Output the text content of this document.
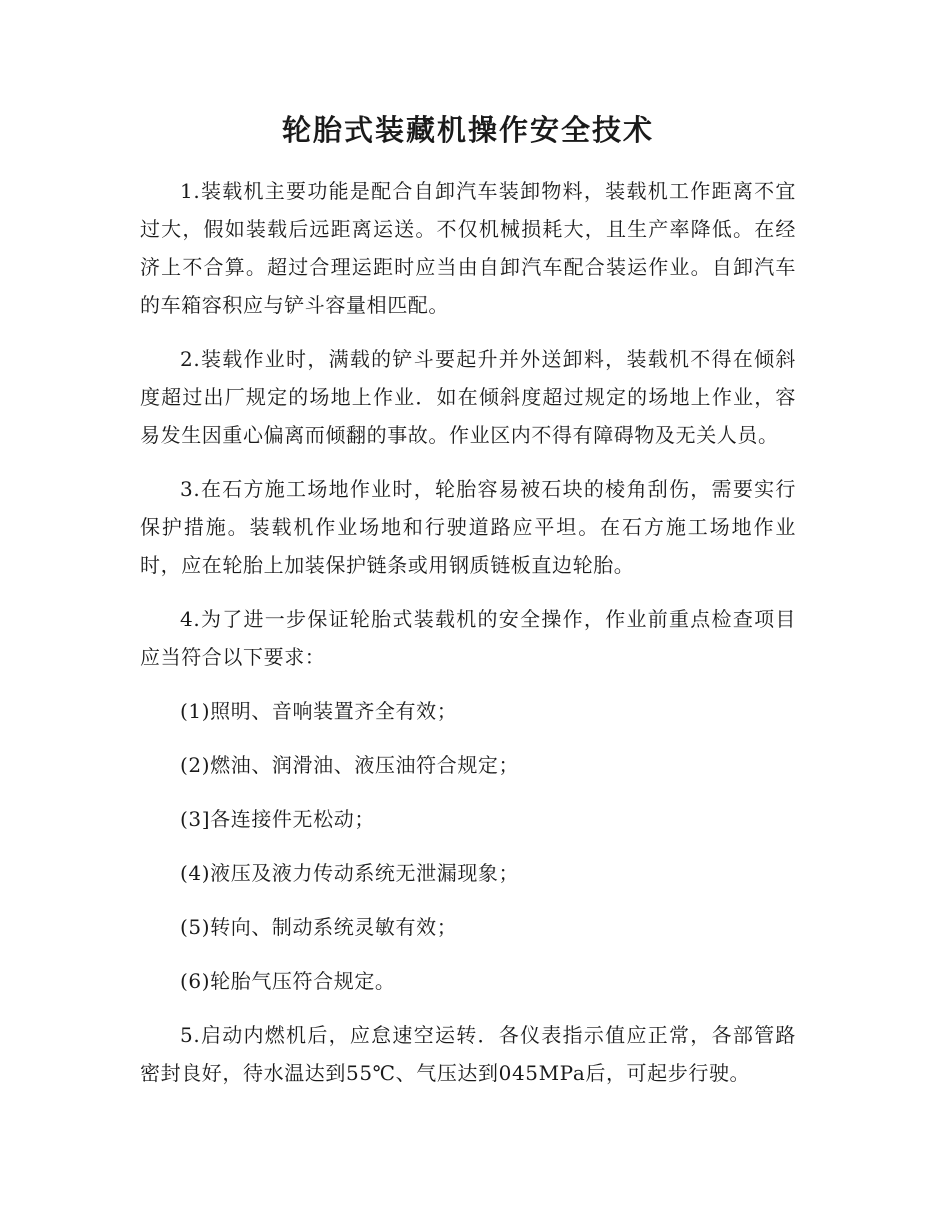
轮胎式装藏机操作安全技术

1.装载机主要功能是配合自卸汽车装卸物料，装载机工作距离不宜过大，假如装载后远距离运送。不仅机械损耗大，且生产率降低。在经济上不合算。超过合理运距时应当由自卸汽车配合装运作业。自卸汽车的车箱容积应与铲斗容量相匹配。

2.装载作业时，满载的铲斗要起升并外送卸料，装载机不得在倾斜度超过出厂规定的场地上作业．如在倾斜度超过规定的场地上作业，容易发生因重心偏离而倾翻的事故。作业区内不得有障碍物及无关人员。

3.在石方施工场地作业时，轮胎容易被石块的棱角刮伤，需要实行保护措施。装载机作业场地和行驶道路应平坦。在石方施工场地作业时，应在轮胎上加装保护链条或用钢质链板直边轮胎。

4.为了进一步保证轮胎式装载机的安全操作，作业前重点检查项目应当符合以下要求：

(1)照明、音响装置齐全有效；

(2)燃油、润滑油、液压油符合规定；

(3]各连接件无松动；

(4)液压及液力传动系统无泄漏现象；

(5)转向、制动系统灵敏有效；

(6)轮胎气压符合规定。

5.启动内燃机后，应怠速空运转．各仪表指示值应正常，各部管路密封良好，待水温达到55℃、气压达到045MPa后，可起步行驶。
